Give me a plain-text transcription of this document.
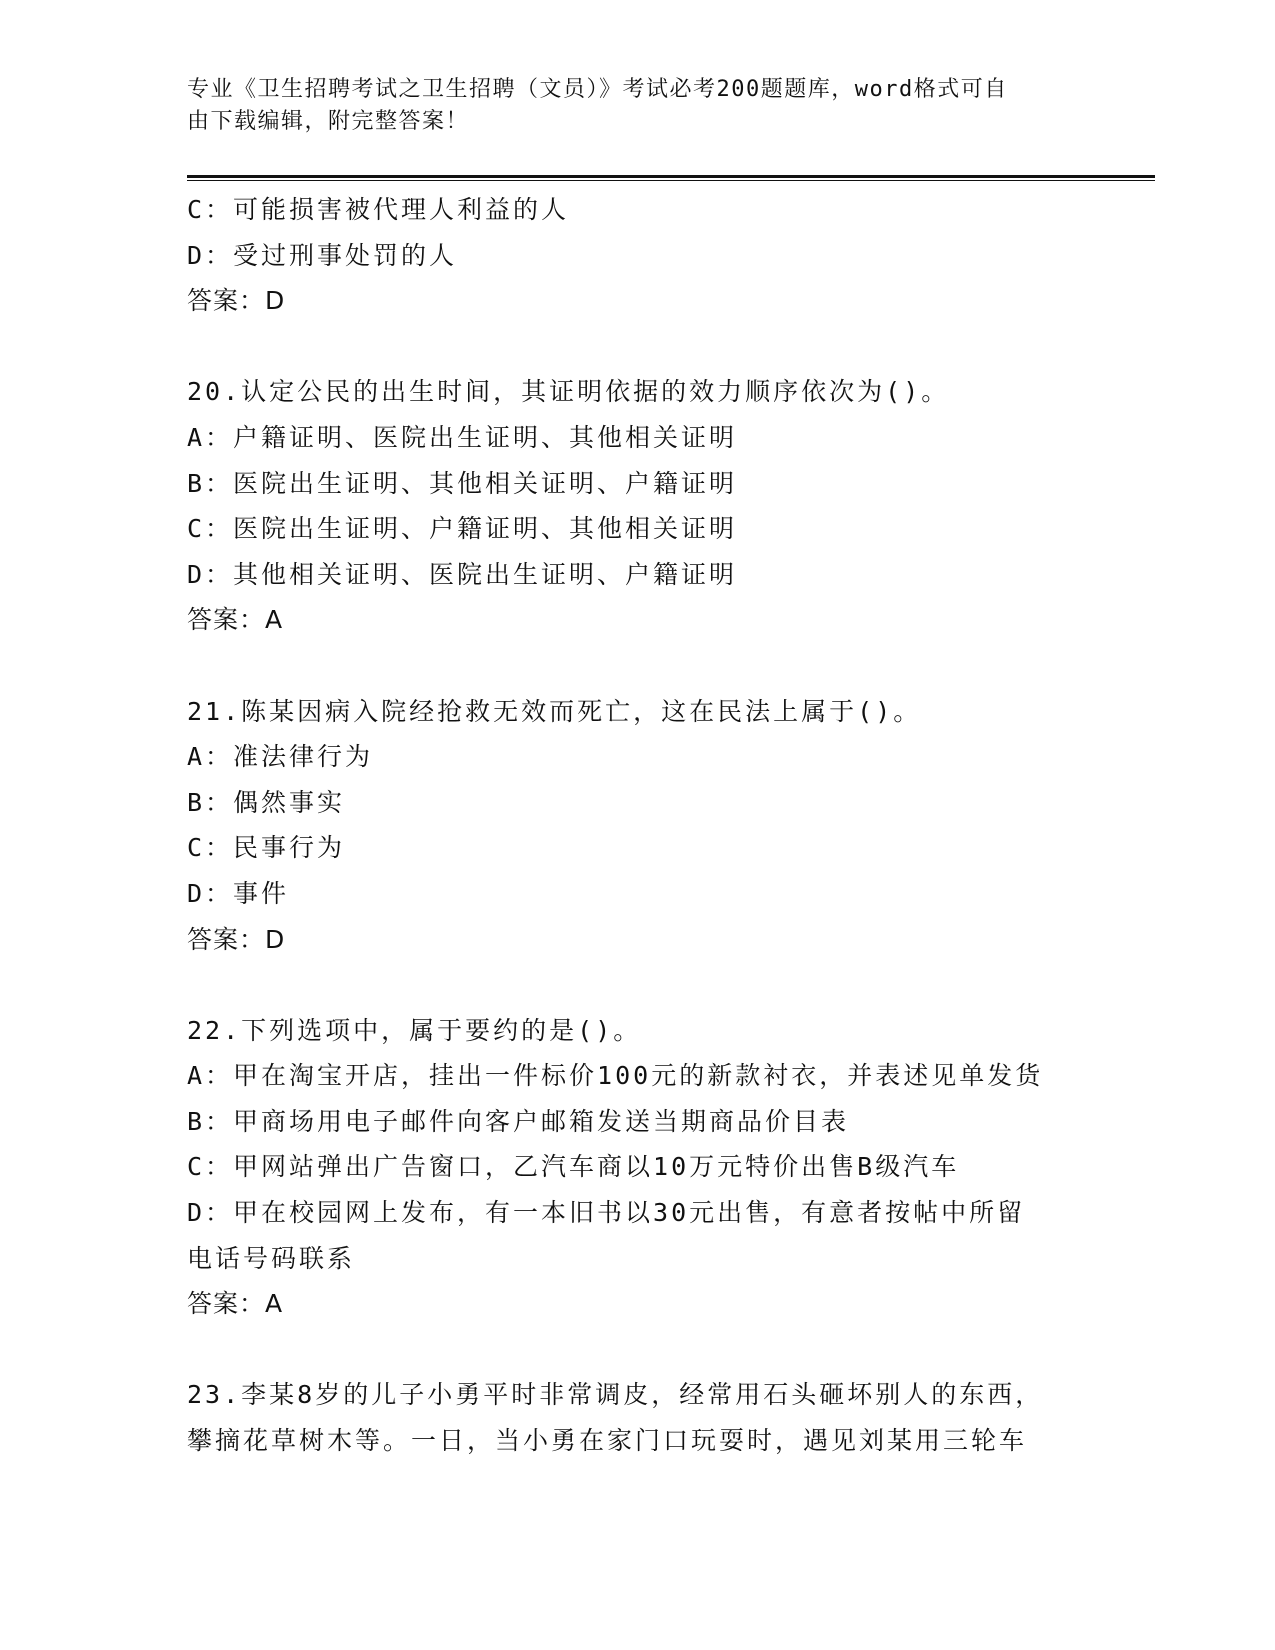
专业《卫生招聘考试之卫生招聘（文员）》考试必考200题题库，word格式可自
由下载编辑，附完整答案！
C：可能损害被代理人利益的人
D：受过刑事处罚的人
答案：D
20.认定公民的出生时间，其证明依据的效力顺序依次为()。
A：户籍证明、医院出生证明、其他相关证明
B：医院出生证明、其他相关证明、户籍证明
C：医院出生证明、户籍证明、其他相关证明
D：其他相关证明、医院出生证明、户籍证明
答案：A
21.陈某因病入院经抢救无效而死亡，这在民法上属于()。
A：准法律行为
B：偶然事实
C：民事行为
D：事件
答案：D
22.下列选项中，属于要约的是()。
A：甲在淘宝开店，挂出一件标价100元的新款衬衣，并表述见单发货
B：甲商场用电子邮件向客户邮箱发送当期商品价目表
C：甲网站弹出广告窗口，乙汽车商以10万元特价出售B级汽车
D：甲在校园网上发布，有一本旧书以30元出售，有意者按帖中所留
电话号码联系
答案：A
23.李某8岁的儿子小勇平时非常调皮，经常用石头砸坏别人的东西，
攀摘花草树木等。一日，当小勇在家门口玩耍时，遇见刘某用三轮车
